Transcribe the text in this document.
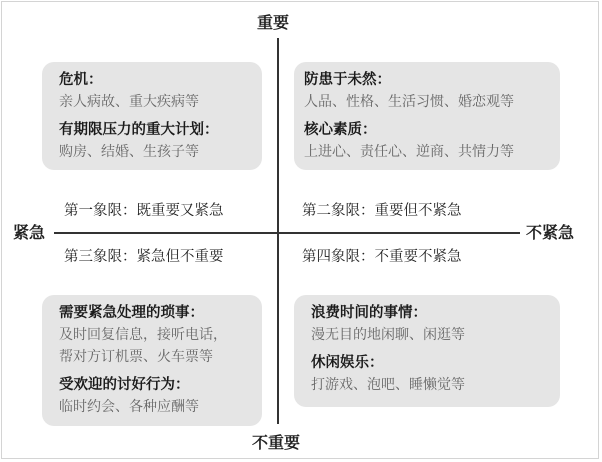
重要
不重要
紧急	不紧急
危机：
亲人病故、重大疾病等
有期限压力的重大计划：
购房、结婚、生孩子等
防患于未然：
人品、性格、生活习惯、婚恋观等
核心素质：
上进心、责任心、逆商、共情力等
第一象限：既重要又紧急	第二象限：重要但不紧急
第三象限：紧急但不重要	第四象限：不重要不紧急
需要紧急处理的琐事：
及时回复信息，接听电话，
帮对方订机票、火车票等
受欢迎的讨好行为：
临时约会、各种应酬等
浪费时间的事情：
漫无目的地闲聊、闲逛等
休闲娱乐：
打游戏、泡吧、睡懒觉等
